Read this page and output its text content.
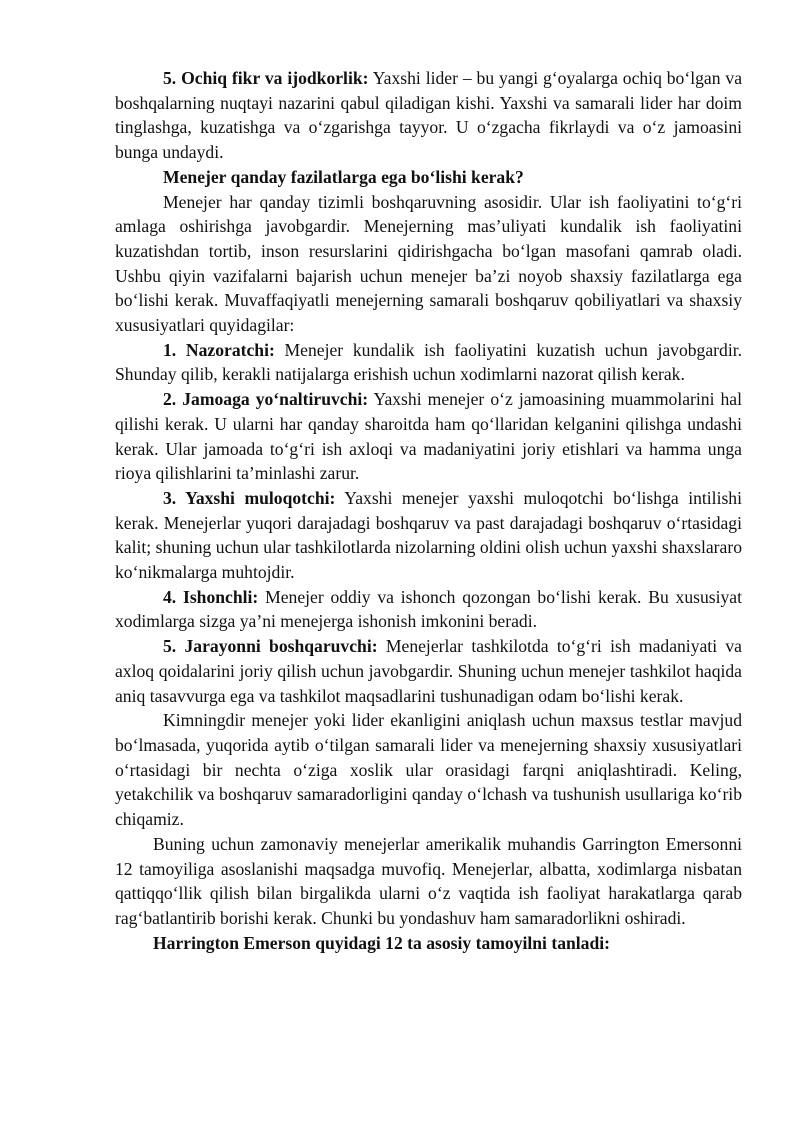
5. Ochiq fikr va ijodkorlik: Yaxshi lider – bu yangi g‘oyalarga ochiq bo‘lgan va boshqalarning nuqtayi nazarini qabul qiladigan kishi. Yaxshi va samarali lider har doim tinglashga, kuzatishga va o‘zgarishga tayyor. U o‘zgacha fikrlaydi va o‘z jamoasini bunga undaydi.

Menejer qanday fazilatlarga ega bo‘lishi kerak?

Menejer har qanday tizimli boshqaruvning asosidir. Ular ish faoliyatini to‘g‘ri amlaga oshirishga javobgardir. Menejerning mas’uliyati kundalik ish faoliyatini kuzatishdan tortib, inson resurslarini qidirishgacha bo‘lgan masofani qamrab oladi. Ushbu qiyin vazifalarni bajarish uchun menejer ba’zi noyob shaxsiy fazilatlarga ega bo‘lishi kerak. Muvaffaqiyatli menejerning samarali boshqaruv qobiliyatlari va shaxsiy xususiyatlari quyidagilar:

1. Nazoratchi: Menejer kundalik ish faoliyatini kuzatish uchun javobgardir. Shunday qilib, kerakli natijalarga erishish uchun xodimlarni nazorat qilish kerak.

2. Jamoaga yo‘naltiruvchi: Yaxshi menejer o‘z jamoasining muammolarini hal qilishi kerak. U ularni har qanday sharoitda ham qo‘llaridan kelganini qilishga undashi kerak. Ular jamoada to‘g‘ri ish axloqi va madaniyatini joriy etishlari va hamma unga rioya qilishlarini ta’minlashi zarur.

3. Yaxshi muloqotchi: Yaxshi menejer yaxshi muloqotchi bo‘lishga intilishi kerak. Menejerlar yuqori darajadagi boshqaruv va past darajadagi boshqaruv o‘rtasidagi kalit; shuning uchun ular tashkilotlarda nizolarning oldini olish uchun yaxshi shaxslararo ko‘nikmalarga muhtojdir.

4. Ishonchli: Menejer oddiy va ishonch qozongan bo‘lishi kerak. Bu xususiyat xodimlarga sizga ya’ni menejerga ishonish imkonini beradi.

5. Jarayonni boshqaruvchi: Menejerlar tashkilotda to‘g‘ri ish madaniyati va axloq qoidalarini joriy qilish uchun javobgardir. Shuning uchun menejer tashkilot haqida aniq tasavvurga ega va tashkilot maqsadlarini tushunadigan odam bo‘lishi kerak.

Kimningdir menejer yoki lider ekanligini aniqlash uchun maxsus testlar mavjud bo‘lmasada, yuqorida aytib o‘tilgan samarali lider va menejerning shaxsiy xususiyatlari o‘rtasidagi bir nechta o‘ziga xoslik ular orasidagi farqni aniqlashtiradi. Keling, yetakchilik va boshqaruv samaradorligini qanday o‘lchash va tushunish usullariga ko‘rib chiqamiz.

Buning uchun zamonaviy menejerlar amerikalik muhandis Garrington Emersonni 12 tamoyiliga asoslanishi maqsadga muvofiq. Menejerlar, albatta, xodimlarga nisbatan qattiqqo‘llik qilish bilan birgalikda ularni o‘z vaqtida ish faoliyat harakatlarga qarab rag‘batlantirib borishi kerak. Chunki bu yondashuv ham samaradorlikni oshiradi.

Harrington Emerson quyidagi 12 ta asosiy tamoyilni tanladi:
